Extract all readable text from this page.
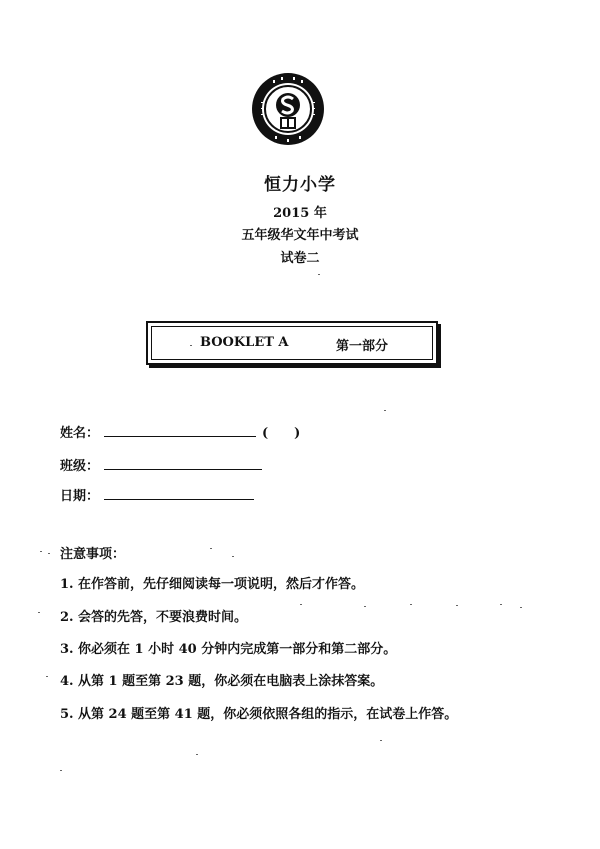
恒力小学
2015 年
五年级华文年中考试
试卷二
BOOKLET A	第一部分
姓名：	(　　)
班级：
日期：
注意事项：
1. 在作答前，先仔细阅读每一项说明，然后才作答。
2. 会答的先答，不要浪费时间。
3. 你必须在 1 小时 40 分钟内完成第一部分和第二部分。
4. 从第 1 题至第 23 题，你必须在电脑表上涂抹答案。
5. 从第 24 题至第 41 题，你必须依照各组的指示，在试卷上作答。
